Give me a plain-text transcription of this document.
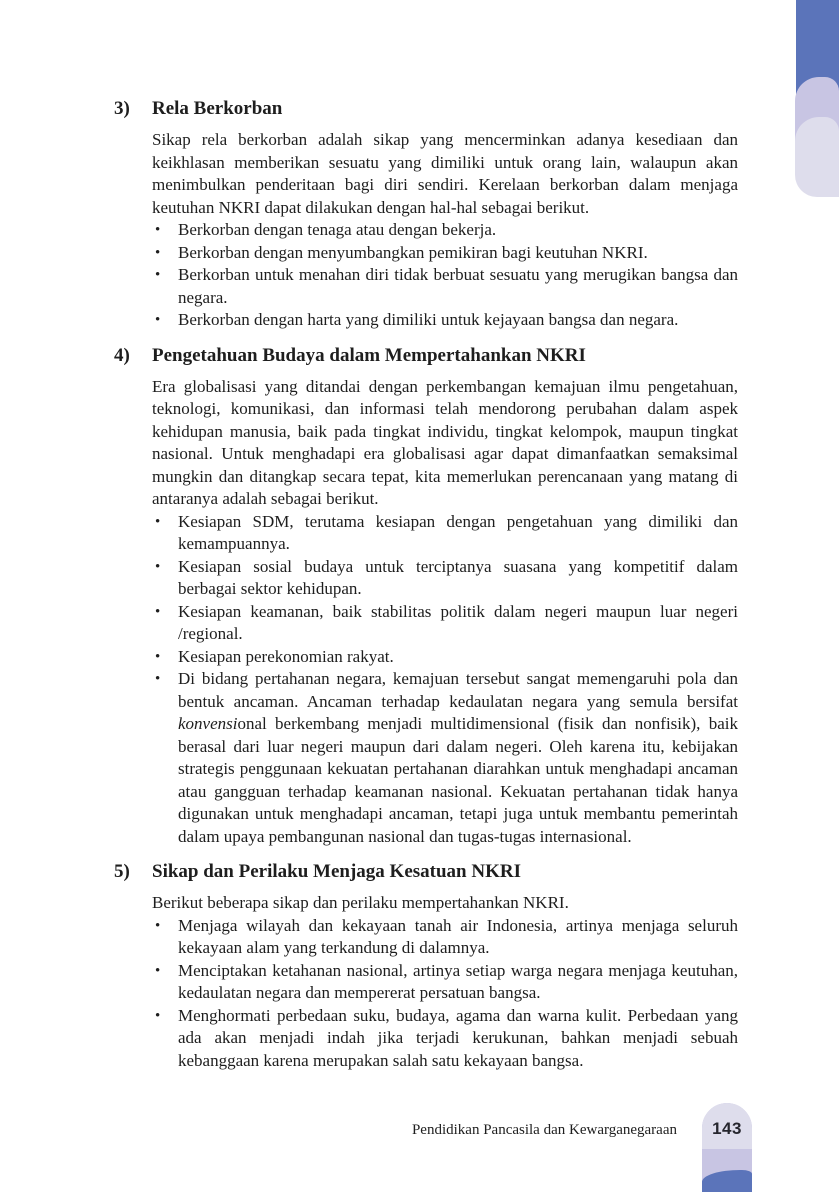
3)	Rela Berkorban

Sikap rela berkorban adalah sikap yang mencerminkan adanya kesediaan dan keikhlasan memberikan sesuatu yang dimiliki untuk orang lain, walaupun akan menimbulkan penderitaan bagi diri sendiri. Kerelaan berkorban dalam menjaga keutuhan NKRI dapat dilakukan dengan hal-hal sebagai berikut.

• Berkorban dengan tenaga atau dengan bekerja.
• Berkorban dengan menyumbangkan pemikiran bagi keutuhan NKRI.
• Berkorban untuk menahan diri tidak berbuat sesuatu yang merugikan bangsa dan negara.
• Berkorban dengan harta yang dimiliki untuk kejayaan bangsa dan negara.
4)	Pengetahuan Budaya dalam Mempertahankan NKRI

Era globalisasi yang ditandai dengan perkembangan kemajuan ilmu pengetahuan, teknologi, komunikasi, dan informasi telah mendorong perubahan dalam aspek kehidupan manusia, baik pada tingkat individu, tingkat kelompok, maupun tingkat nasional. Untuk menghadapi era globalisasi agar dapat dimanfaatkan semaksimal mungkin dan ditangkap secara tepat, kita memerlukan perencanaan yang matang di antaranya adalah sebagai berikut.

• Kesiapan SDM, terutama kesiapan dengan pengetahuan yang dimiliki dan kemampuannya.
• Kesiapan sosial budaya untuk terciptanya suasana yang kompetitif dalam berbagai sektor kehidupan.
• Kesiapan keamanan, baik stabilitas politik dalam negeri maupun luar negeri /regional.
• Kesiapan perekonomian rakyat.
• Di bidang pertahanan negara, kemajuan tersebut sangat memengaruhi pola dan bentuk ancaman. Ancaman terhadap kedaulatan negara yang semula bersifat konvensional berkembang menjadi multidimensional (fisik dan nonfisik), baik berasal dari luar negeri maupun dari dalam negeri. Oleh karena itu, kebijakan strategis penggunaan kekuatan pertahanan diarahkan untuk menghadapi ancaman atau gangguan terhadap keamanan nasional. Kekuatan pertahanan tidak hanya digunakan untuk menghadapi ancaman, tetapi juga untuk membantu pemerintah dalam upaya pembangunan nasional dan tugas-tugas internasional.
5)	Sikap dan Perilaku Menjaga Kesatuan NKRI

Berikut beberapa sikap dan perilaku mempertahankan NKRI.

• Menjaga wilayah dan kekayaan tanah air Indonesia, artinya menjaga seluruh kekayaan alam yang terkandung di dalamnya.
• Menciptakan ketahanan nasional, artinya setiap warga negara menjaga keutuhan, kedaulatan negara dan mempererat persatuan bangsa.
• Menghormati perbedaan suku, budaya, agama dan warna kulit. Perbedaan yang ada akan menjadi indah jika terjadi kerukunan, bahkan menjadi sebuah kebanggaan karena merupakan salah satu kekayaan bangsa.
Pendidikan Pancasila dan Kewarganegaraan 143
